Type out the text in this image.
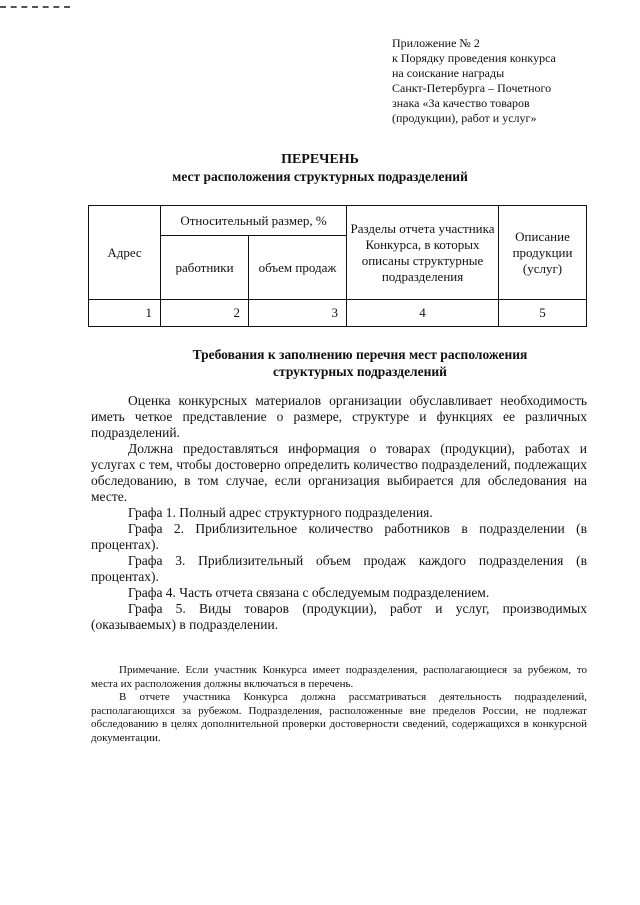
Приложение № 2
к Порядку проведения конкурса
на соискание награды
Санкт-Петербурга – Почетного
знака «За качество товаров
(продукции), работ и услуг»
ПЕРЕЧЕНЬ
мест расположения структурных подразделений
Адрес	Относительный размер, %		Разделы отчета участника Конкурса, в которых описаны структурные подразделения	Описание продукции (услуг)
	работники	объем продаж		
1	2	3	4	5
Требования к заполнению перечня мест расположения
структурных подразделений

Оценка конкурсных материалов организации обуславливает необходимость иметь четкое представление о размере, структуре и функциях ее различных подразделений.

Должна предоставляться информация о товарах (продукции), работах и услугах с тем, чтобы достоверно определить количество подразделений, подлежащих обследованию, в том случае, если организация выбирается для обследования на месте.

Графа 1. Полный адрес структурного подразделения.

Графа 2. Приблизительное количество работников в подразделении (в процентах).

Графа 3. Приблизительный объем продаж каждого подразделения (в процентах).

Графа 4. Часть отчета связана с обследуемым подразделением.

Графа 5. Виды товаров (продукции), работ и услуг, производимых (оказываемых) в подразделении.

Примечание. Если участник Конкурса имеет подразделения, располагающиеся за рубежом, то места их расположения должны включаться в перечень.

В отчете участника Конкурса должна рассматриваться деятельность подразделений, располагающихся за рубежом. Подразделения, расположенные вне пределов России, не подлежат обследованию в целях дополнительной проверки достоверности сведений, содержащихся в конкурсной документации.
